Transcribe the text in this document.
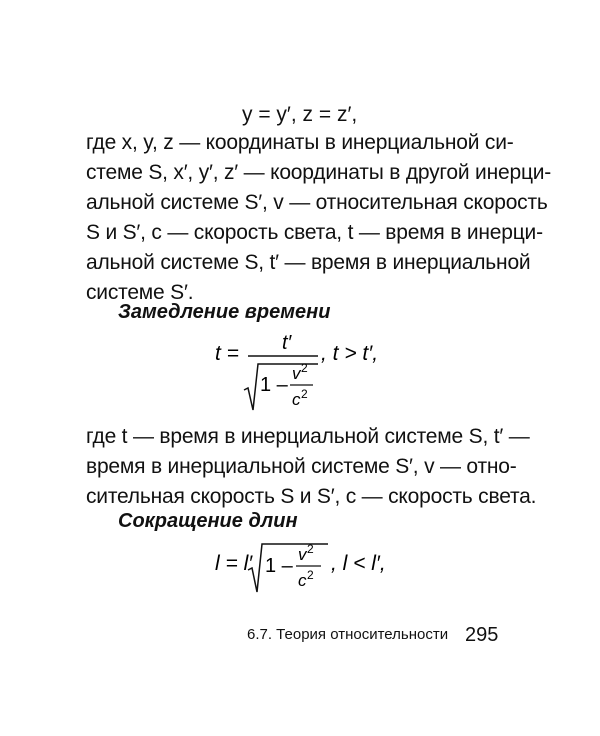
y = y′, z = z′,
где x, y, z — координаты в инерциальной си-
стеме S, x′, y′, z′ — координаты в другой инерци-
альной системе S′, v — относительная скорость
S и S′, c — скорость света, t — время в инерци-
альной системе S, t′ — время в инерциальной
системе S′.
Замедление времени
t = t′
1 –
v 2
c 2
, t > t′,
где t — время в инерциальной системе S, t′ —
время в инерциальной системе S′, v — отно-
сительная скорость S и S′, c — скорость света.
Сокращение длин
l = l′ 1 –
v 2
c 2 , l < l′,
6.7. Теория относительности 295
